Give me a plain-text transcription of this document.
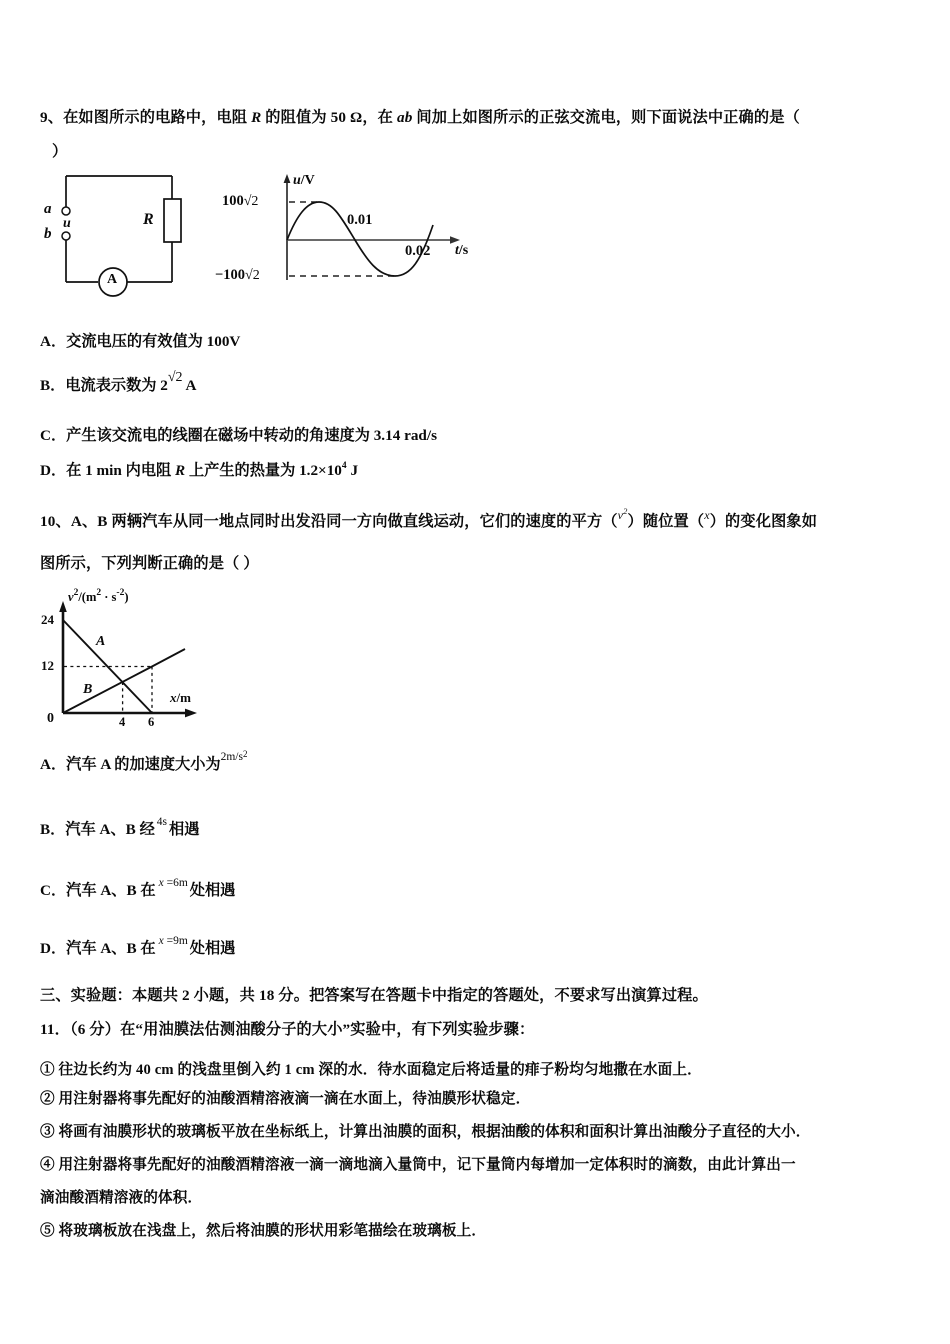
9、在如图所示的电路中，电阻 R 的阻值为 50 Ω，在 ab 间加上如图所示的正弦交流电，则下面说法中正确的是（
）
a
b
u	R
A
u/V
100√2
−100√2
0.01
0.02 t/s
A．交流电压的有效值为 100V
B．电流表示数为 2√2 A
C．产生该交流电的线圈在磁场中转动的角速度为 3.14 rad/s
D．在 1 min 内电阻 R 上产生的热量为 $1.2\times 10^4$ J
10、A、B 两辆汽车从同一地点同时出发沿同一方向做直线运动，它们的速度的平方（$^{v2}$）随位置（$^x$）的变化图象如
图所示，下列判断正确的是（ ）
$v^2/(m^2 \cdot s^{-2})$
24
12
0	4 6
A
B
x/m
A．汽车 A 的加速度大小为$^{2m/s2}$
B．汽车 A、B 经 $^{4s}$ 相遇
C．汽车 A、B 在 $^x$ $^{=6m}$ 处相遇
D．汽车 A、B 在 $^x$ $^{=9m}$ 处相遇
三、实验题：本题共 2 小题，共 18 分。把答案写在答题卡中指定的答题处，不要求写出演算过程。
11．（6 分）在“用油膜法估测油酸分子的大小”实验中，有下列实验步骤：
① 往边长约为 40 cm 的浅盘里倒入约 1 cm 深的水．待水面稳定后将适量的痱子粉均匀地撒在水面上．
② 用注射器将事先配好的油酸酒精溶液滴一滴在水面上，待油膜形状稳定．
③ 将画有油膜形状的玻璃板平放在坐标纸上，计算出油膜的面积，根据油酸的体积和面积计算出油酸分子直径的大小．
④ 用注射器将事先配好的油酸酒精溶液一滴一滴地滴入量筒中，记下量筒内每增加一定体积时的滴数，由此计算出一
滴油酸酒精溶液的体积．
⑤ 将玻璃板放在浅盘上，然后将油膜的形状用彩笔描绘在玻璃板上．
